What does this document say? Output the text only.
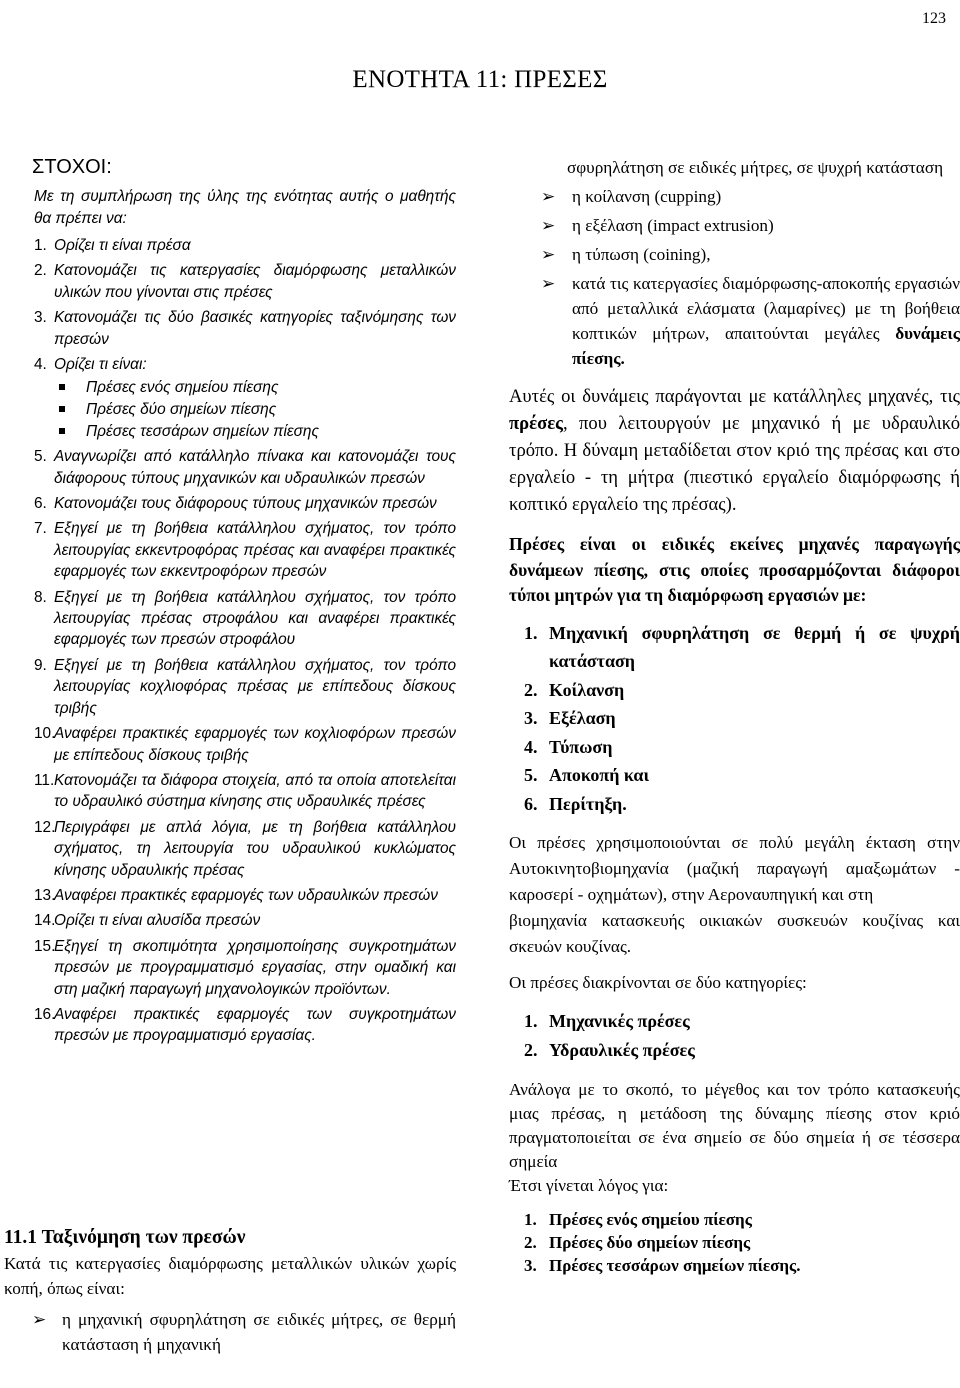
123
ΕΝΟΤΗΤΑ 11: ΠΡΕΣΕΣ
ΣΤΟΧΟΙ:

Με τη συμπλήρωση της ύλης της ενότητας αυτής ο μαθητής θα πρέπει να:

1. Ορίζει τι είναι πρέσα
2. Κατονομάζει τις κατεργασίες διαμόρφωσης μεταλλικών υλικών που γίνονται στις πρέσες
3. Κατονομάζει τις δύο βασικές κατηγορίες ταξινόμησης των πρεσών
4. Ορίζει τι είναι:
Πρέσες ενός σημείου πίεσης
Πρέσες δύο σημείων πίεσης
Πρέσες τεσσάρων σημείων πίεσης
5. Αναγνωρίζει από κατάλληλο πίνακα και κατονομάζει τους διάφορους τύπους μηχανικών και υδραυλικών πρεσών
6. Κατονομάζει τους διάφορους τύπους μηχανικών πρεσών
7. Εξηγεί με τη βοήθεια κατάλληλου σχήματος, τον τρόπο λειτουργίας εκκεντροφόρας πρέσας και αναφέρει πρακτικές εφαρμογές των εκκεντροφόρων πρεσών
8. Εξηγεί με τη βοήθεια κατάλληλου σχήματος, τον τρόπο λειτουργίας πρέσας στροφάλου και αναφέρει πρακτικές εφαρμογές των πρεσών στροφάλου
9. Εξηγεί με τη βοήθεια κατάλληλου σχήματος, τον τρόπο λειτουργίας κοχλιοφόρας πρέσας με επίπεδους δίσκους τριβής
10.
Αναφέρει πρακτικές εφαρμογές των κοχλιοφόρων πρεσών με επίπεδους δίσκους τριβής
11. Κατονομάζει τα διάφορα στοιχεία, από τα οποία αποτελείται το υδραυλικό σύστημα κίνησης στις υδραυλικές πρέσες
12.
Περιγράφει με απλά λόγια, με τη βοήθεια κατάλληλου σχήματος, τη λειτουργία του υδραυλικού κυκλώματος κίνησης υδραυλικής πρέσας
13.
Αναφέρει πρακτικές εφαρμογές των υδραυλικών πρεσών
14.
Ορίζει τι είναι αλυσίδα πρεσών
15.
Εξηγεί τη σκοπιμότητα χρησιμοποίησης συγκροτημάτων πρεσών με προγραμματισμό εργασίας, στην ομαδική και στη μαζική παραγωγή μηχανολογικών προϊόντων.
16.
Αναφέρει πρακτικές εφαρμογές των συγκροτημάτων πρεσών με προγραμματισμό εργασίας.

11.1 Ταξινόμηση των πρεσών

Κατά τις κατεργασίες διαμόρφωσης μεταλλικών υλικών χωρίς κοπή, όπως είναι:

➢ η μηχανική σφυρηλάτηση σε ειδικές μήτρες, σε θερμή κατάσταση ή μηχανική

σφυρηλάτηση σε ειδικές μήτρες, σε ψυχρή κατάσταση

➢ η κοίλανση (cupping)
➢ η εξέλαση (impact extrusion)
➢ η τύπωση (coining),
➢ κατά τις κατεργασίες διαμόρφωσης-αποκοπής εργασιών από μεταλλικά ελάσματα (λαμαρίνες) με τη βοήθεια κοπτικών μήτρων, απαιτούνται μεγάλες δυνάμεις πίεσης.

Αυτές οι δυνάμεις παράγονται με κατάλληλες μηχανές, τις πρέσες, που λειτουργούν με μηχανικό ή με υδραυλικό τρόπο. Η δύναμη μεταδίδεται στον κριό της πρέσας και στο εργαλείο - τη μήτρα (πιεστικό εργαλείο διαμόρφωσης ή κοπτικό εργαλείο της πρέσας).

Πρέσες είναι οι ειδικές εκείνες μηχανές παραγωγής δυνάμεων πίεσης, στις οποίες προσαρμόζονται διάφοροι τύποι μητρών για τη διαμόρφωση εργασιών με:

1. Μηχανική σφυρηλάτηση σε θερμή ή σε ψυχρή κατάσταση
2. Κοίλανση
3. Εξέλαση
4. Τύπωση
5. Αποκοπή και
6. Περίτηξη.

Οι πρέσες χρησιμοποιούνται σε πολύ μεγάλη έκταση στην Αυτοκινητοβιομηχανία (μαζική παραγωγή αμαξωμάτων - καροσερί - οχημάτων), στην Αεροναυπηγική και στη

βιομηχανία κατασκευής οικιακών συσκευών κουζίνας και σκευών κουζίνας.

Οι πρέσες διακρίνονται σε δύο κατηγορίες:

1. Μηχανικές πρέσες
2. Υδραυλικές πρέσες

Ανάλογα με το σκοπό, το μέγεθος και τον τρόπο κατασκευής μιας πρέσας, η μετάδοση της δύναμης πίεσης στον κριό πραγματοποιείται σε ένα σημείο σε δύο σημεία ή σε τέσσερα σημεία

Έτσι γίνεται λόγος για:

1. Πρέσες ενός σημείου πίεσης
2. Πρέσες δύο σημείων πίεσης
3. Πρέσες τεσσάρων σημείων πίεσης.
